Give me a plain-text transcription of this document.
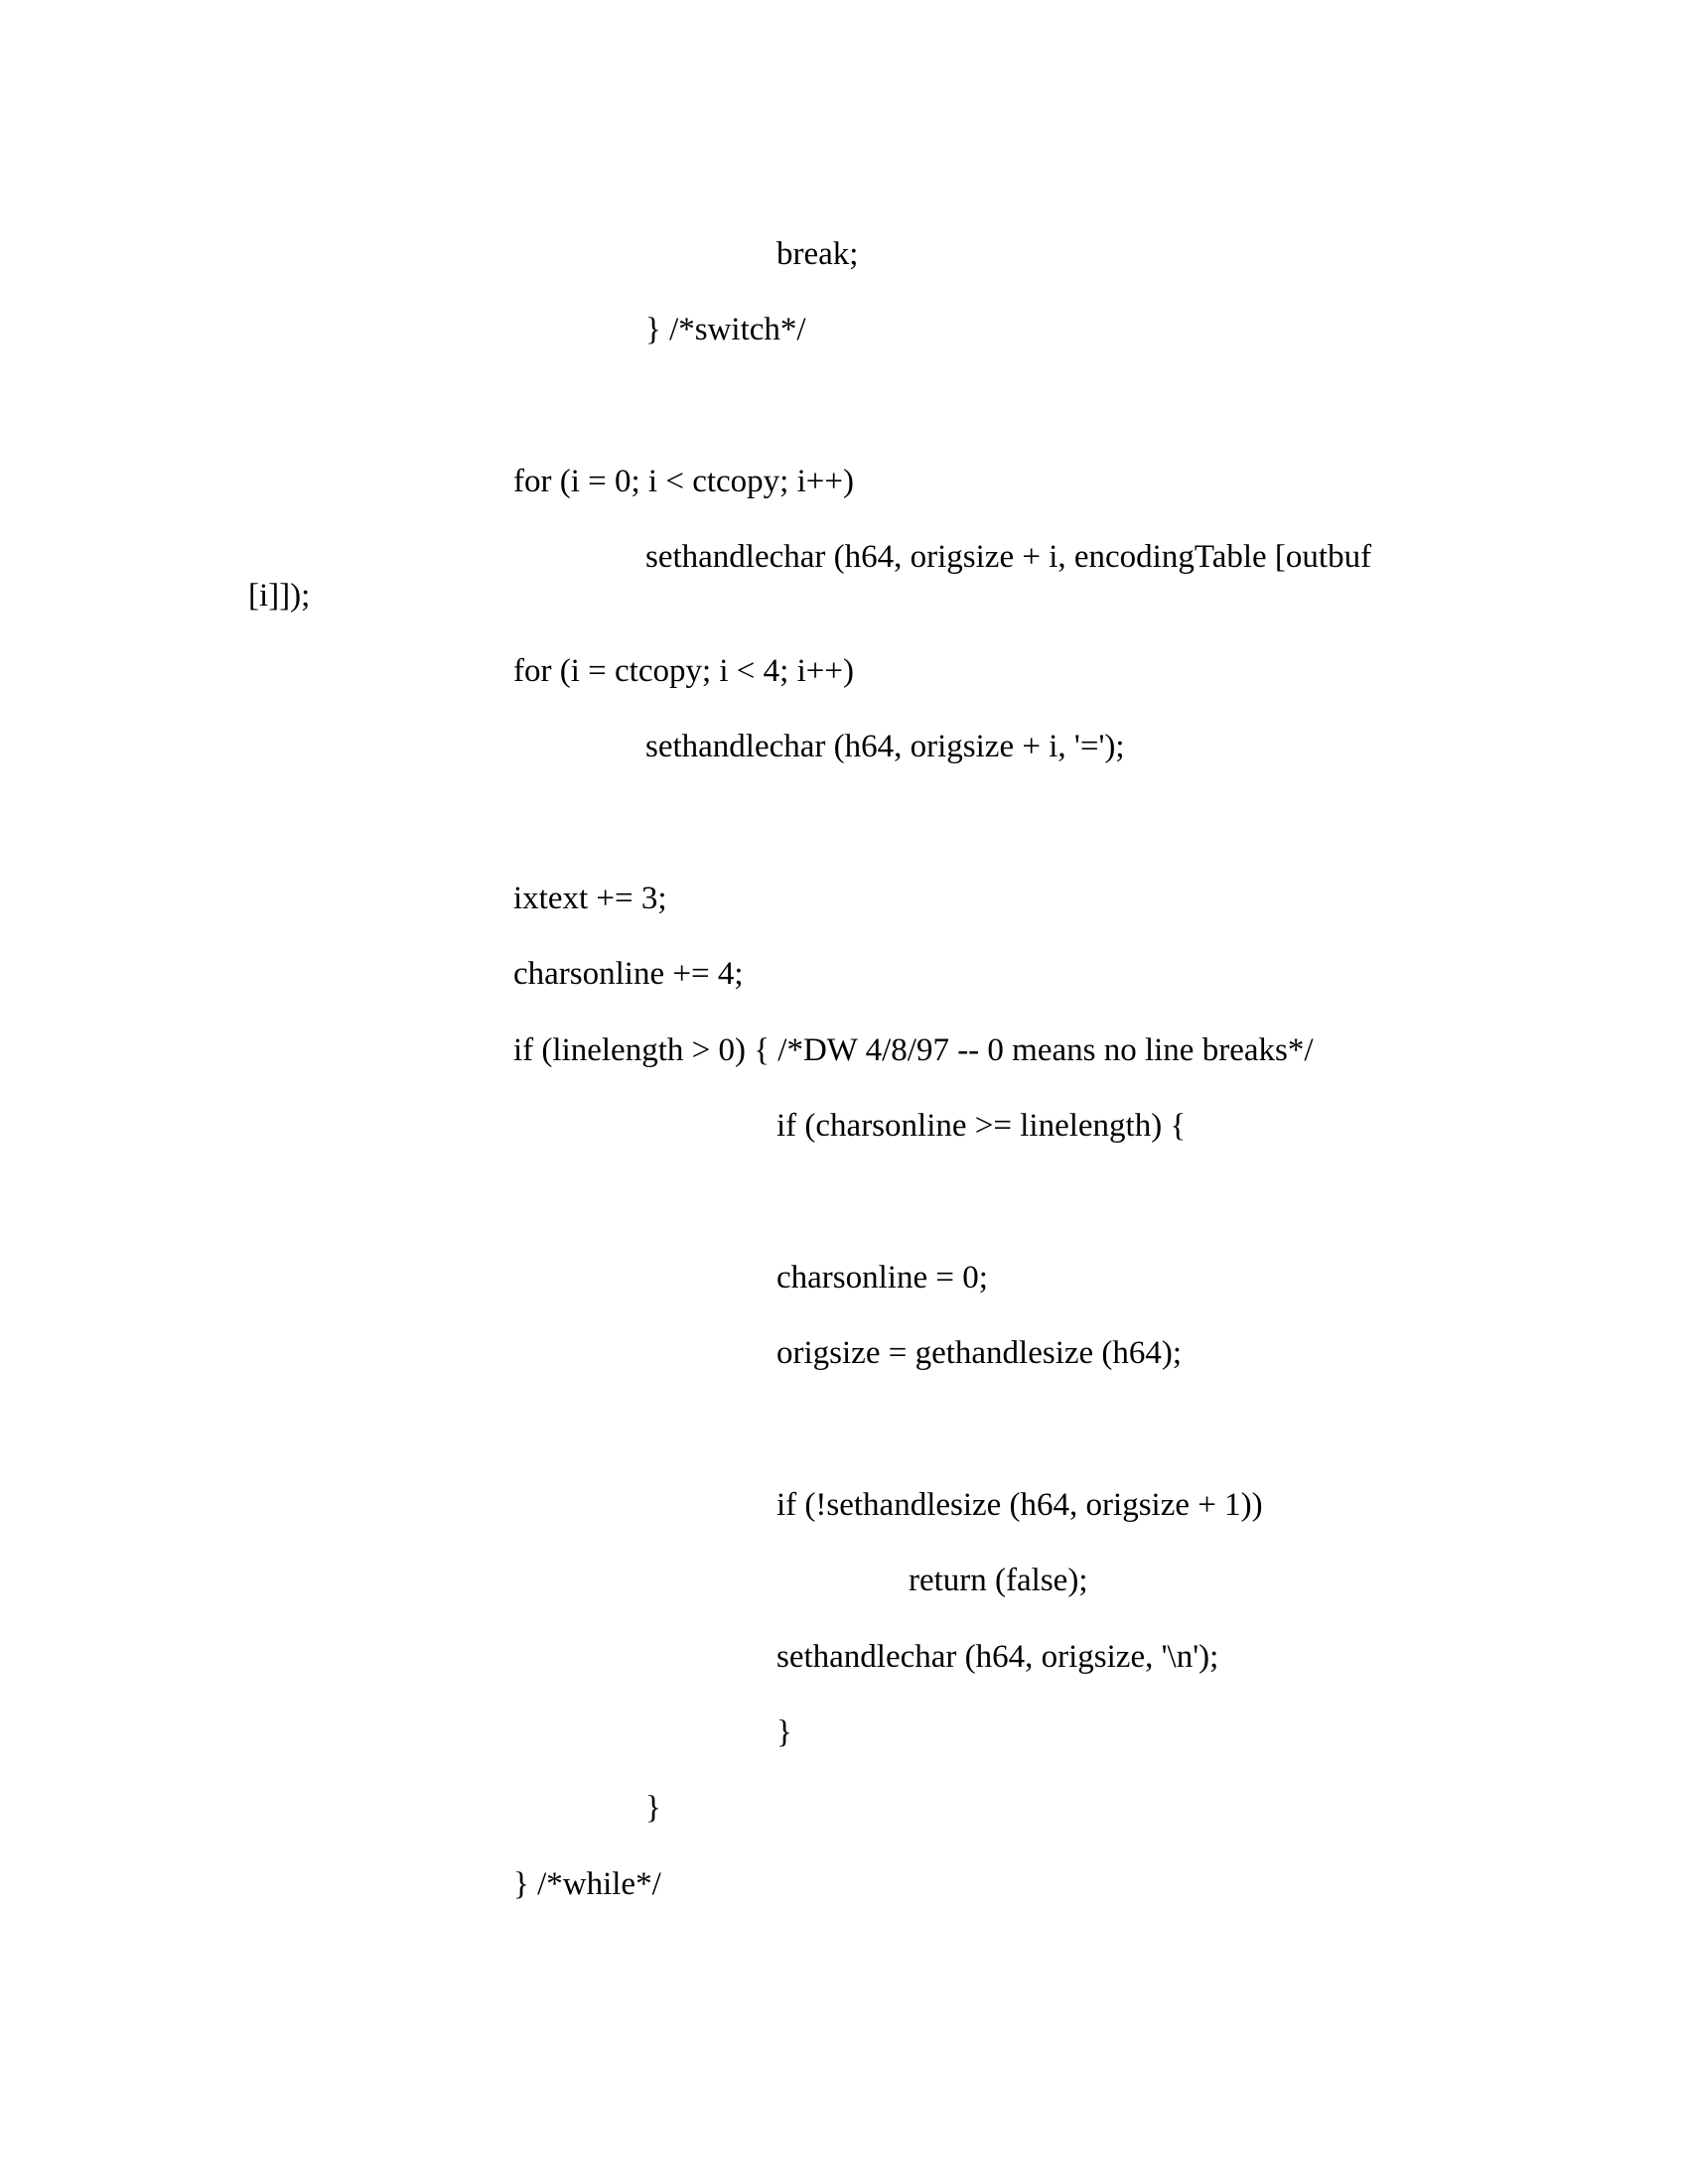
break;
} /*switch*/
for (i = 0; i < ctcopy; i++)
sethandlechar (h64, origsize + i, encodingTable [outbuf
[i]]);
for (i = ctcopy; i < 4; i++)
sethandlechar (h64, origsize + i, '=');
ixtext += 3;
charsonline += 4;
if (linelength > 0) { /*DW 4/8/97 -- 0 means no line breaks*/
if (charsonline >= linelength) {
charsonline = 0;
origsize = gethandlesize (h64);
if (!sethandlesize (h64, origsize + 1))
return (false);
sethandlechar (h64, origsize, '\n');
}
}
} /*while*/
